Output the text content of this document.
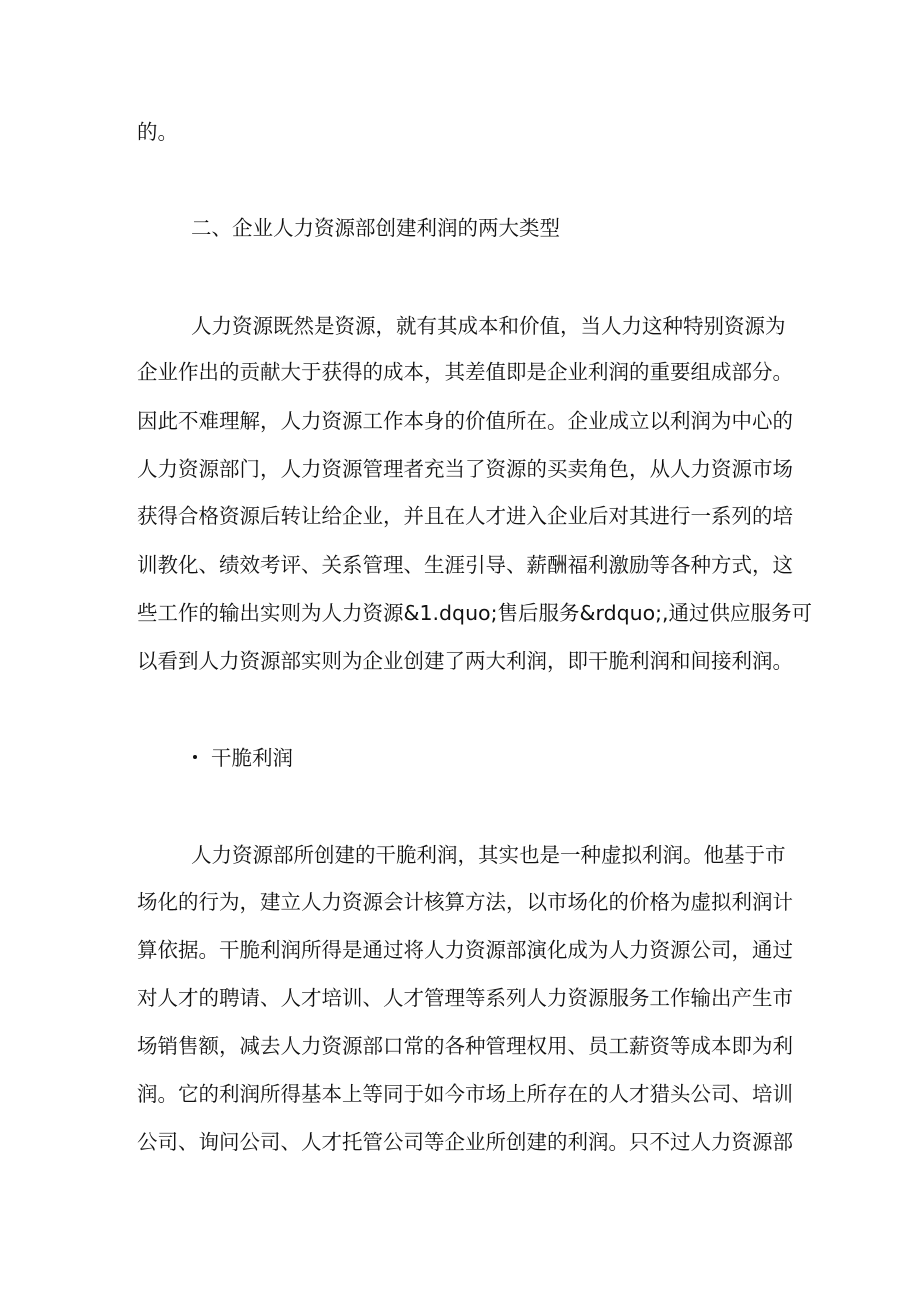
的。
二、企业人力资源部创建利润的两大类型
人力资源既然是资源，就有其成本和价值，当人力这种特别资源为
企业作出的贡献大于获得的成本，其差值即是企业利润的重要组成部分。
因此不难理解，人力资源工作本身的价值所在。企业成立以利润为中心的
人力资源部门，人力资源管理者充当了资源的买卖角色，从人力资源市场
获得合格资源后转让给企业，并且在人才进入企业后对其进行一系列的培
训教化、绩效考评、关系管理、生涯引导、薪酬福利激励等各种方式，这
些工作的输出实则为人力资源&1.dquo;售后服务&rdquo;,通过供应服务可
以看到人力资源部实则为企业创建了两大利润，即干脆利润和间接利润。
干脆利润
人力资源部所创建的干脆利润，其实也是一种虚拟利润。他基于市
场化的行为，建立人力资源会计核算方法，以市场化的价格为虚拟利润计
算依据。干脆利润所得是通过将人力资源部演化成为人力资源公司，通过
对人才的聘请、人才培训、人才管理等系列人力资源服务工作输出产生市
场销售额，减去人力资源部口常的各种管理权用、员工薪资等成本即为利
润。它的利润所得基本上等同于如今市场上所存在的人才猎头公司、培训
公司、询问公司、人才托管公司等企业所创建的利润。只不过人力资源部
